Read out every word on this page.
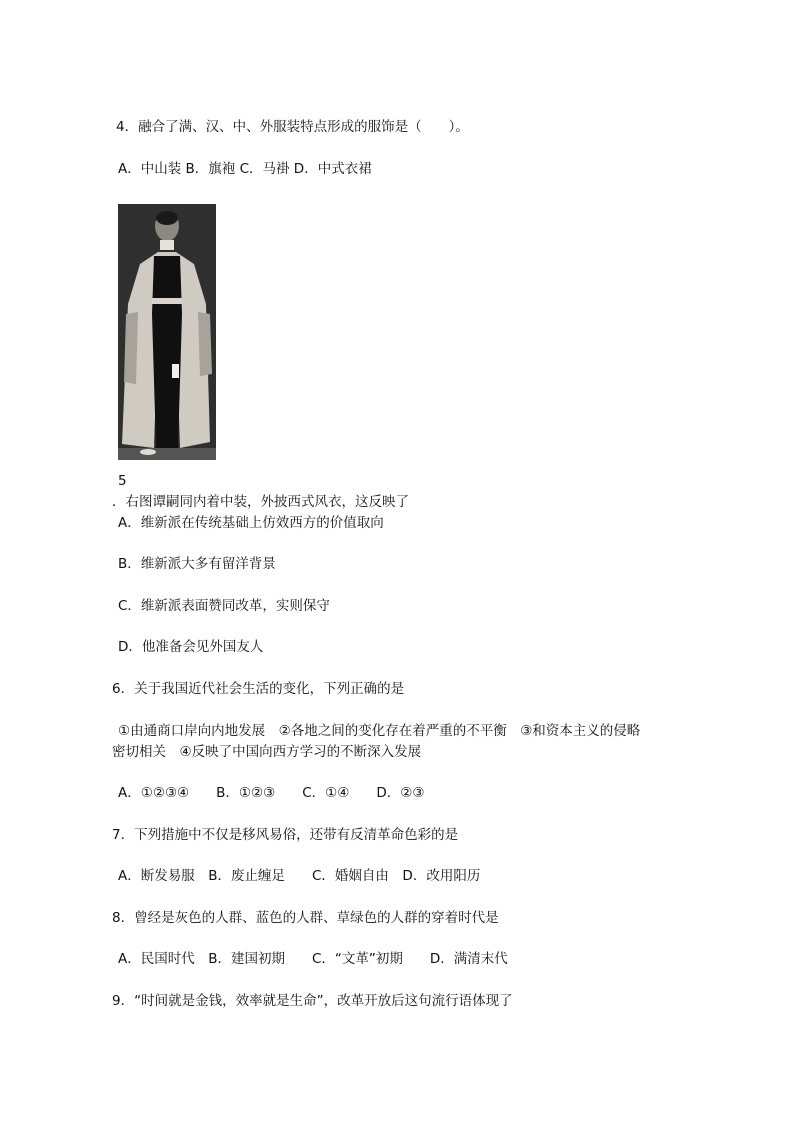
4．融合了满、汉、中、外服装特点形成的服饰是（　　）。
A．中山装 B．旗袍 C．马褂 D．中式衣裙
5
．右图谭嗣同内着中装，外披西式风衣，这反映了
A．维新派在传统基础上仿效西方的价值取向
B．维新派大多有留洋背景
C．维新派表面赞同改革，实则保守
D．他准备会见外国友人
6．关于我国近代社会生活的变化，下列正确的是
①由通商口岸向内地发展　②各地之间的变化存在着严重的不平衡　③和资本主义的侵略
密切相关　④反映了中国向西方学习的不断深入发展
A．①②③④　　B．①②③　　C．①④　　D．②③
7．下列措施中不仅是移风易俗，还带有反清革命色彩的是
A．断发易服　B．废止缠足　　C．婚姻自由　D．改用阳历
8．曾经是灰色的人群、蓝色的人群、草绿色的人群的穿着时代是
A．民国时代　B．建国初期　　C．“文革”初期　　D．满清末代
9．“时间就是金钱，效率就是生命”，改革开放后这句流行语体现了
